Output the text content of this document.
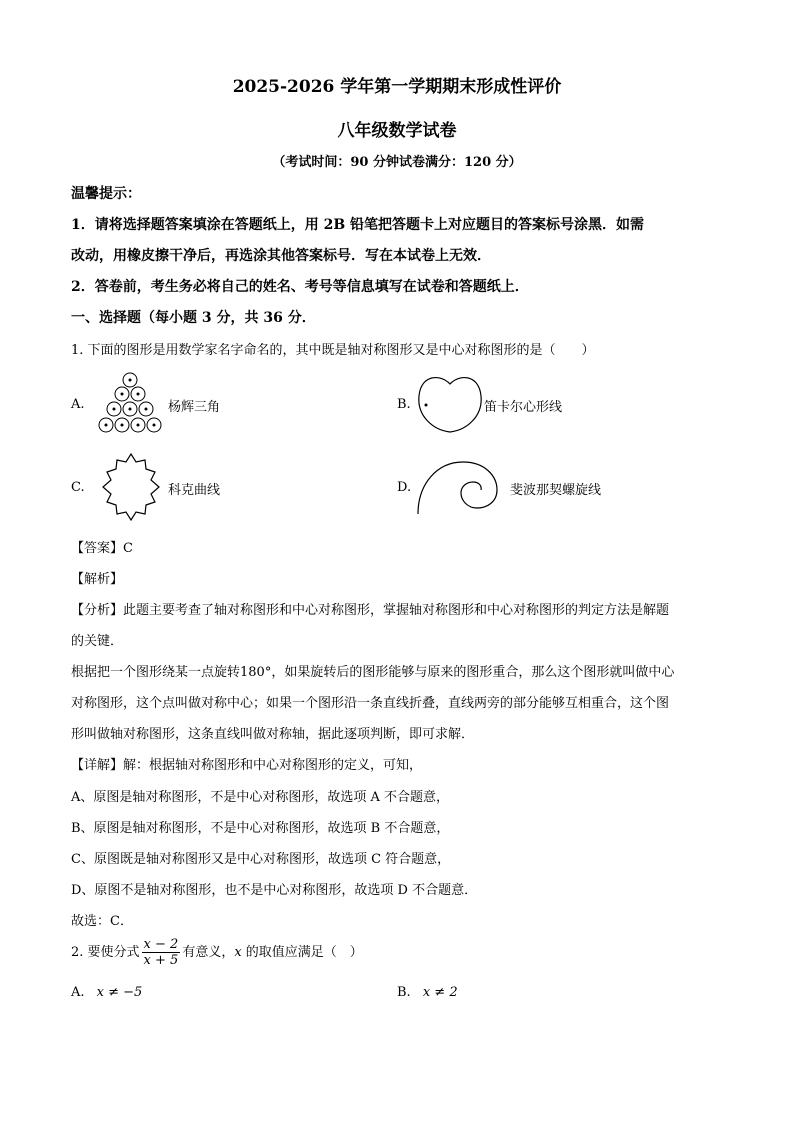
2025-2026 学年第一学期期末形成性评价
八年级数学试卷
（考试时间：90 分钟试卷满分：120 分）
温馨提示：
1．请将选择题答案填涂在答题纸上，用 2B 铅笔把答题卡上对应题目的答案标号涂黑．如需
改动，用橡皮擦干净后，再选涂其他答案标号．写在本试卷上无效．
2．答卷前，考生务必将自己的姓名、考号等信息填写在试卷和答题纸上．
一、选择题（每小题 3 分，共 36 分．
1. 下面的图形是用数学家名字命名的，其中既是轴对称图形又是中心对称图形的是（　　）
A.	杨辉三角	B.	笛卡尔心形线
C.	科克曲线	D.	斐波那契螺旋线
【答案】C
【解析】
【分析】此题主要考查了轴对称图形和中心对称图形，掌握轴对称图形和中心对称图形的判定方法是解题
的关键．
根据把一个图形绕某一点旋转180°，如果旋转后的图形能够与原来的图形重合，那么这个图形就叫做中心
对称图形，这个点叫做对称中心；如果一个图形沿一条直线折叠，直线两旁的部分能够互相重合，这个图
形叫做轴对称图形，这条直线叫做对称轴，据此逐项判断，即可求解．
【详解】解：根据轴对称图形和中心对称图形的定义，可知，
A、原图是轴对称图形，不是中心对称图形，故选项 A 不合题意，
B、原图是轴对称图形，不是中心对称图形，故选项 B 不合题意，
C、原图既是轴对称图形又是中心对称图形，故选项 C 符合题意，
D、原图不是轴对称图形，也不是中心对称图形，故选项 D 不合题意．
故选：C．
2. 要使分式 $\frac{x - 2}{x + 5}$ 有意义，x 的取值应满足（　）
A. x ≠ −5	B. x ≠ 2
